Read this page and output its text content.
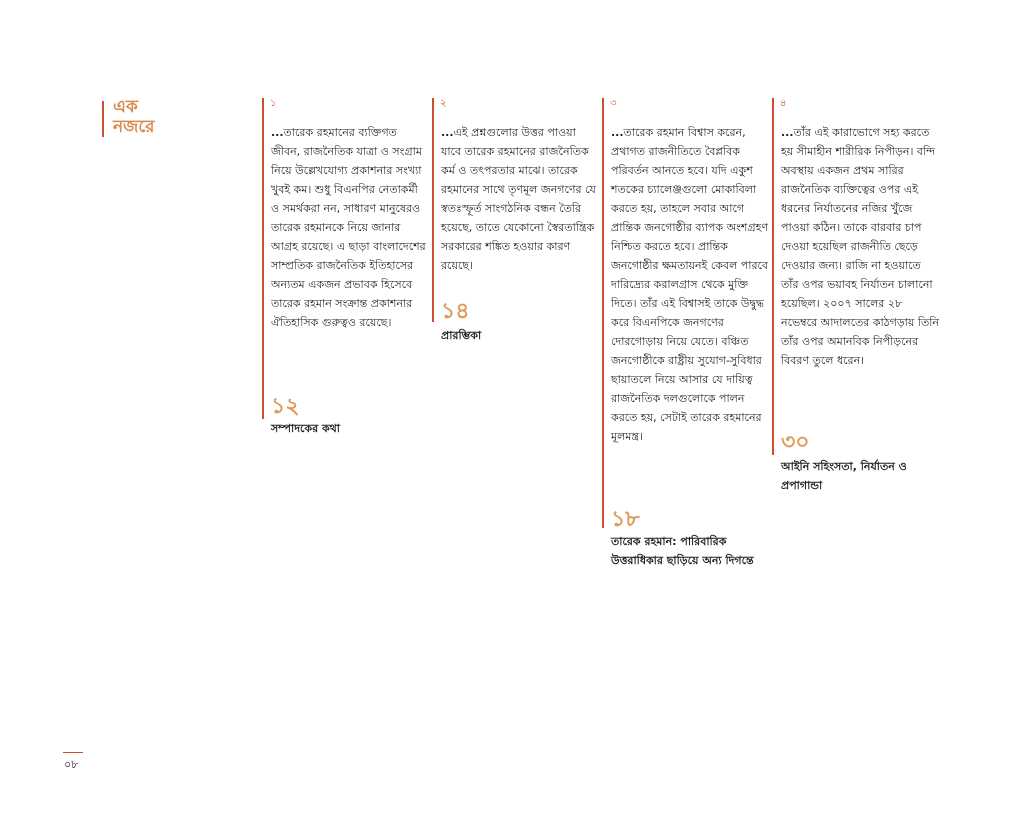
এক
নজরে
১
...তারেক রহমানের ব্যক্তিগত জীবন, রাজনৈতিক যাত্রা ও সংগ্রাম নিয়ে উল্লেখযোগ্য প্রকাশনার সংখ্যা খুবই কম। শুধু বিএনপির নেতাকর্মী ও সমর্থকরা নন, সাধারণ মানুষেরও তারেক রহমানকে নিয়ে জানার আগ্রহ রয়েছে। এ ছাড়া বাংলাদেশের সাম্প্রতিক রাজনৈতিক ইতিহাসের অন্যতম একজন প্রভাবক হিসেবে তারেক রহমান সংক্রান্ত প্রকাশনার ঐতিহাসিক গুরুত্বও রয়েছে।
১২
সম্পাদকের কথা
২
...এই প্রশ্নগুলোর উত্তর পাওয়া যাবে তারেক রহমানের রাজনৈতিক কর্ম ও তৎপরতার মাঝে। তারেক রহমানের সাথে তৃণমূল জনগণের যে স্বতঃস্ফূর্ত সাংগঠনিক বন্ধন তৈরি হয়েছে, তাতে যেকোনো স্বৈরতান্ত্রিক সরকারের শঙ্কিত হওয়ার কারণ রয়েছে।
১৪
প্রারম্ভিকা
৩
...তারেক রহমান বিশ্বাস করেন, প্রথাগত রাজনীতিতে বৈপ্লবিক পরিবর্তন আনতে হবে। যদি একুশ শতকের চ্যালেঞ্জগুলো মোকাবিলা করতে হয়, তাহলে সবার আগে প্রান্তিক জনগোষ্ঠীর ব্যাপক অংশগ্রহণ নিশ্চিত করতে হবে। প্রান্তিক জনগোষ্ঠীর ক্ষমতায়নই কেবল পারবে দারিদ্র্যের করালগ্রাস থেকে মুক্তি দিতে। তাঁর এই বিশ্বাসই তাকে উদ্বুদ্ধ করে বিএনপিকে জনগণের দোরগোড়ায় নিয়ে যেতে। বঞ্চিত জনগোষ্ঠীকে রাষ্ট্রীয় সুযোগ-সুবিধার ছায়াতলে নিয়ে আসার যে দায়িত্ব রাজনৈতিক দলগুলোকে পালন করতে হয়, সেটাই তারেক রহমানের মূলমন্ত্র।
১৮
তারেক রহমান: পারিবারিক উত্তরাধিকার ছাড়িয়ে অন্য দিগন্তে
৪
...তাঁর এই কারাভোগে সহ্য করতে হয় সীমাহীন শারীরিক নিপীড়ন। বন্দি অবস্থায় একজন প্রথম সারির রাজনৈতিক ব্যক্তিত্বের ওপর এই ধরনের নির্যাতনের নজির খুঁজে পাওয়া কঠিন। তাকে বারবার চাপ দেওয়া হয়েছিল রাজনীতি ছেড়ে দেওয়ার জন্য। রাজি না হওয়াতে তাঁর ওপর ভয়াবহ নির্যাতন চালানো হয়েছিল। ২০০৭ সালের ২৮ নভেম্বরে আদালতের কাঠগড়ায় তিনি তাঁর ওপর অমানবিক নিপীড়নের বিবরণ তুলে ধরেন।
৩০
আইনি সহিংসতা, নির্যাতন ও প্রপাগান্ডা
০৮
